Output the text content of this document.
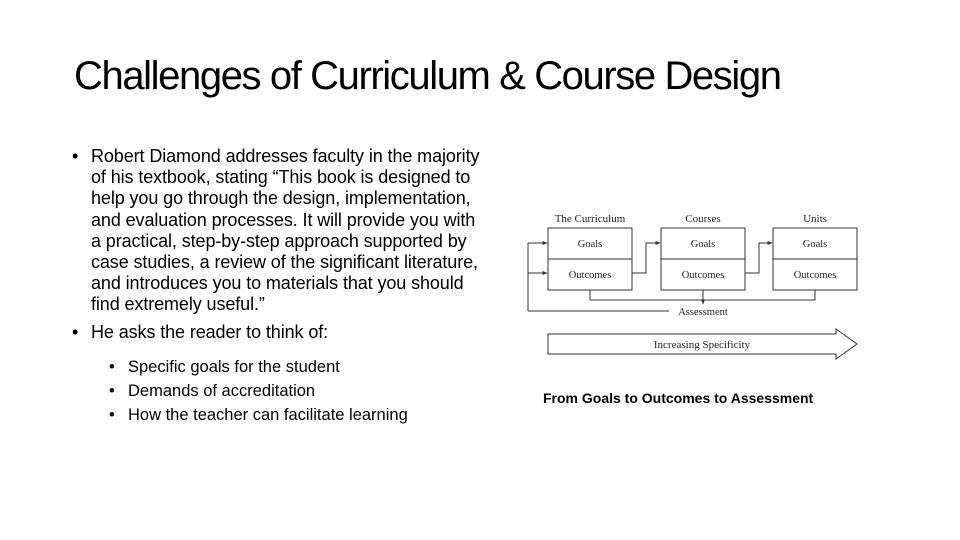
Challenges of Curriculum & Course Design
• Robert Diamond addresses faculty in the majority of his textbook, stating “This book is designed to help you go through the design, implementation, and evaluation processes. It will provide you with a practical, step-by-step approach supported by case studies, a review of the significant literature, and introduces you to materials that you should find extremely useful.”
• He asks the reader to think of:
• Specific goals for the student
• Demands of accreditation
• How the teacher can facilitate learning
The Curriculum	Courses	Units
Goals
Outcomes
Goals
Outcomes
Goals
Outcomes
Assessment
Increasing Specificity
From Goals to Outcomes to Assessment
